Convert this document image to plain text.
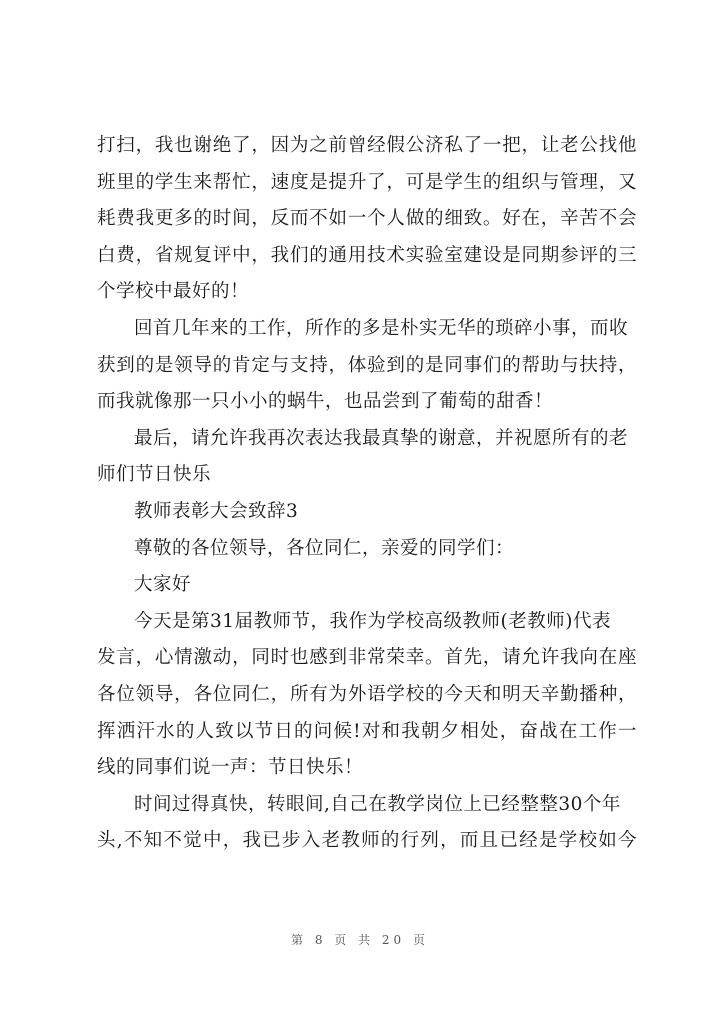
打扫，我也谢绝了，因为之前曾经假公济私了一把，让老公找他
班里的学生来帮忙，速度是提升了，可是学生的组织与管理，又
耗费我更多的时间，反而不如一个人做的细致。好在，辛苦不会
白费，省规复评中，我们的通用技术实验室建设是同期参评的三
个学校中最好的！
回首几年来的工作，所作的多是朴实无华的琐碎小事，而收
获到的是领导的肯定与支持，体验到的是同事们的帮助与扶持，
而我就像那一只小小的蜗牛，也品尝到了葡萄的甜香！
最后，请允许我再次表达我最真挚的谢意，并祝愿所有的老
师们节日快乐
教师表彰大会致辞3
尊敬的各位领导，各位同仁，亲爱的同学们：
大家好
今天是第31届教师节，我作为学校高级教师(老教师)代表
发言，心情激动，同时也感到非常荣幸。首先，请允许我向在座
各位领导，各位同仁，所有为外语学校的今天和明天辛勤播种，
挥洒汗水的人致以节日的问候!对和我朝夕相处，奋战在工作一
线的同事们说一声：节日快乐！
时间过得真快，转眼间,自己在教学岗位上已经整整30个年
头,不知不觉中，我已步入老教师的行列，而且已经是学校如今
第 8 页 共 20 页
